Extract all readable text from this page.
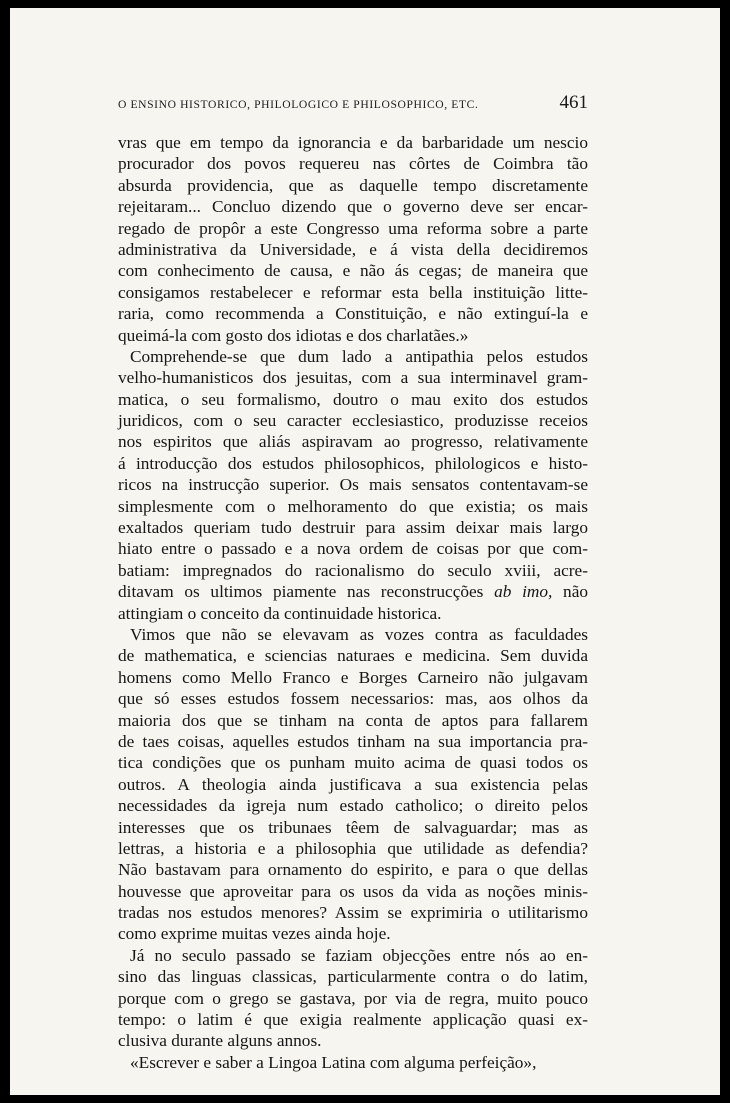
O ENSINO HISTORICO, PHILOLOGICO E PHILOSOPHICO, ETC.	461
vras que em tempo da ignorancia e da barbaridade um nescio
procurador dos povos requereu nas côrtes de Coimbra tão
absurda providencia, que as daquelle tempo discretamente
rejeitaram... Concluo dizendo que o governo deve ser encar-
regado de propôr a este Congresso uma reforma sobre a parte
administrativa da Universidade, e á vista della decidiremos
com conhecimento de causa, e não ás cegas; de maneira que
consigamos restabelecer e reformar esta bella instituição litte-
raria, como recommenda a Constituição, e não extinguí-la e
queimá-la com gosto dos idiotas e dos charlatães.»
Comprehende-se que dum lado a antipathia pelos estudos
velho-humanisticos dos jesuitas, com a sua interminavel gram-
matica, o seu formalismo, doutro o mau exito dos estudos
juridicos, com o seu caracter ecclesiastico, produzisse receios
nos espiritos que aliás aspiravam ao progresso, relativamente
á introducção dos estudos philosophicos, philologicos e histo-
ricos na instrucção superior. Os mais sensatos contentavam-se
simplesmente com o melhoramento do que existia; os mais
exaltados queriam tudo destruir para assim deixar mais largo
hiato entre o passado e a nova ordem de coisas por que com-
batiam: impregnados do racionalismo do seculo xviii, acre-
ditavam os ultimos piamente nas reconstrucções ab imo, não
attingiam o conceito da continuidade historica.
Vimos que não se elevavam as vozes contra as faculdades
de mathematica, e sciencias naturaes e medicina. Sem duvida
homens como Mello Franco e Borges Carneiro não julgavam
que só esses estudos fossem necessarios: mas, aos olhos da
maioria dos que se tinham na conta de aptos para fallarem
de taes coisas, aquelles estudos tinham na sua importancia pra-
tica condições que os punham muito acima de quasi todos os
outros. A theologia ainda justificava a sua existencia pelas
necessidades da igreja num estado catholico; o direito pelos
interesses que os tribunaes têem de salvaguardar; mas as
lettras, a historia e a philosophia que utilidade as defendia?
Não bastavam para ornamento do espirito, e para o que dellas
houvesse que aproveitar para os usos da vida as noções minis-
tradas nos estudos menores? Assim se exprimiria o utilitarismo
como exprime muitas vezes ainda hoje.
Já no seculo passado se faziam objecções entre nós ao en-
sino das linguas classicas, particularmente contra o do latim,
porque com o grego se gastava, por via de regra, muito pouco
tempo: o latim é que exigia realmente applicação quasi ex-
clusiva durante alguns annos.
«Escrever e saber a Lingoa Latina com alguma perfeição»,
